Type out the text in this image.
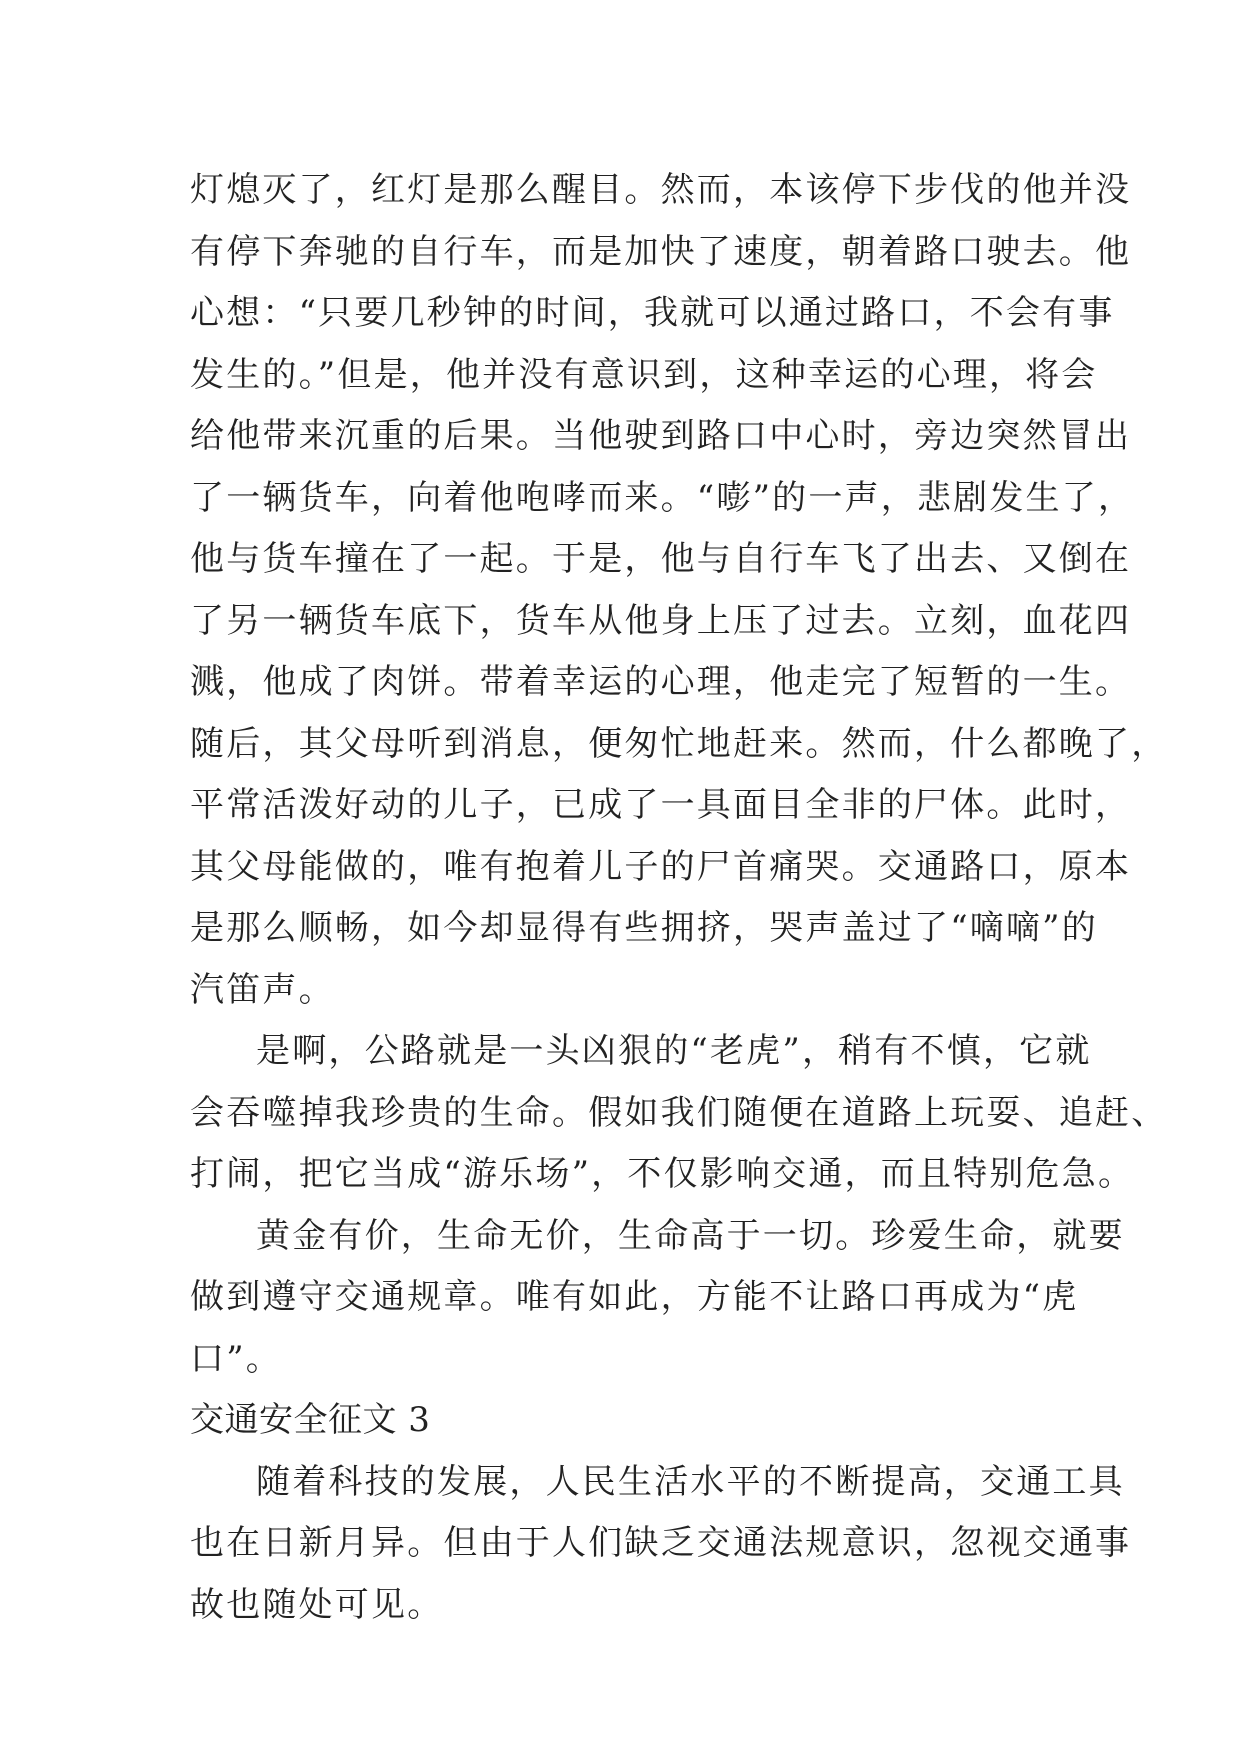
灯熄灭了，红灯是那么醒目。然而，本该停下步伐的他并没
有停下奔驰的自行车，而是加快了速度，朝着路口驶去。他
心想：“只要几秒钟的时间，我就可以通过路口，不会有事
发生的。”但是，他并没有意识到，这种幸运的心理，将会
给他带来沉重的后果。当他驶到路口中心时，旁边突然冒出
了一辆货车，向着他咆哮而来。“嘭”的一声，悲剧发生了，
他与货车撞在了一起。于是，他与自行车飞了出去、又倒在
了另一辆货车底下，货车从他身上压了过去。立刻，血花四
溅，他成了肉饼。带着幸运的心理，他走完了短暂的一生。
随后，其父母听到消息，便匆忙地赶来。然而，什么都晚了，
平常活泼好动的儿子，已成了一具面目全非的尸体。此时，
其父母能做的，唯有抱着儿子的尸首痛哭。交通路口，原本
是那么顺畅，如今却显得有些拥挤，哭声盖过了“嘀嘀”的
汽笛声。
是啊，公路就是一头凶狠的“老虎”，稍有不慎，它就
会吞噬掉我珍贵的生命。假如我们随便在道路上玩耍、追赶、
打闹，把它当成“游乐场”，不仅影响交通，而且特别危急。
黄金有价，生命无价，生命高于一切。珍爱生命，就要
做到遵守交通规章。唯有如此，方能不让路口再成为“虎
口”。
交通安全征文 3
随着科技的发展，人民生活水平的不断提高，交通工具
也在日新月异。但由于人们缺乏交通法规意识，忽视交通事
故也随处可见。
